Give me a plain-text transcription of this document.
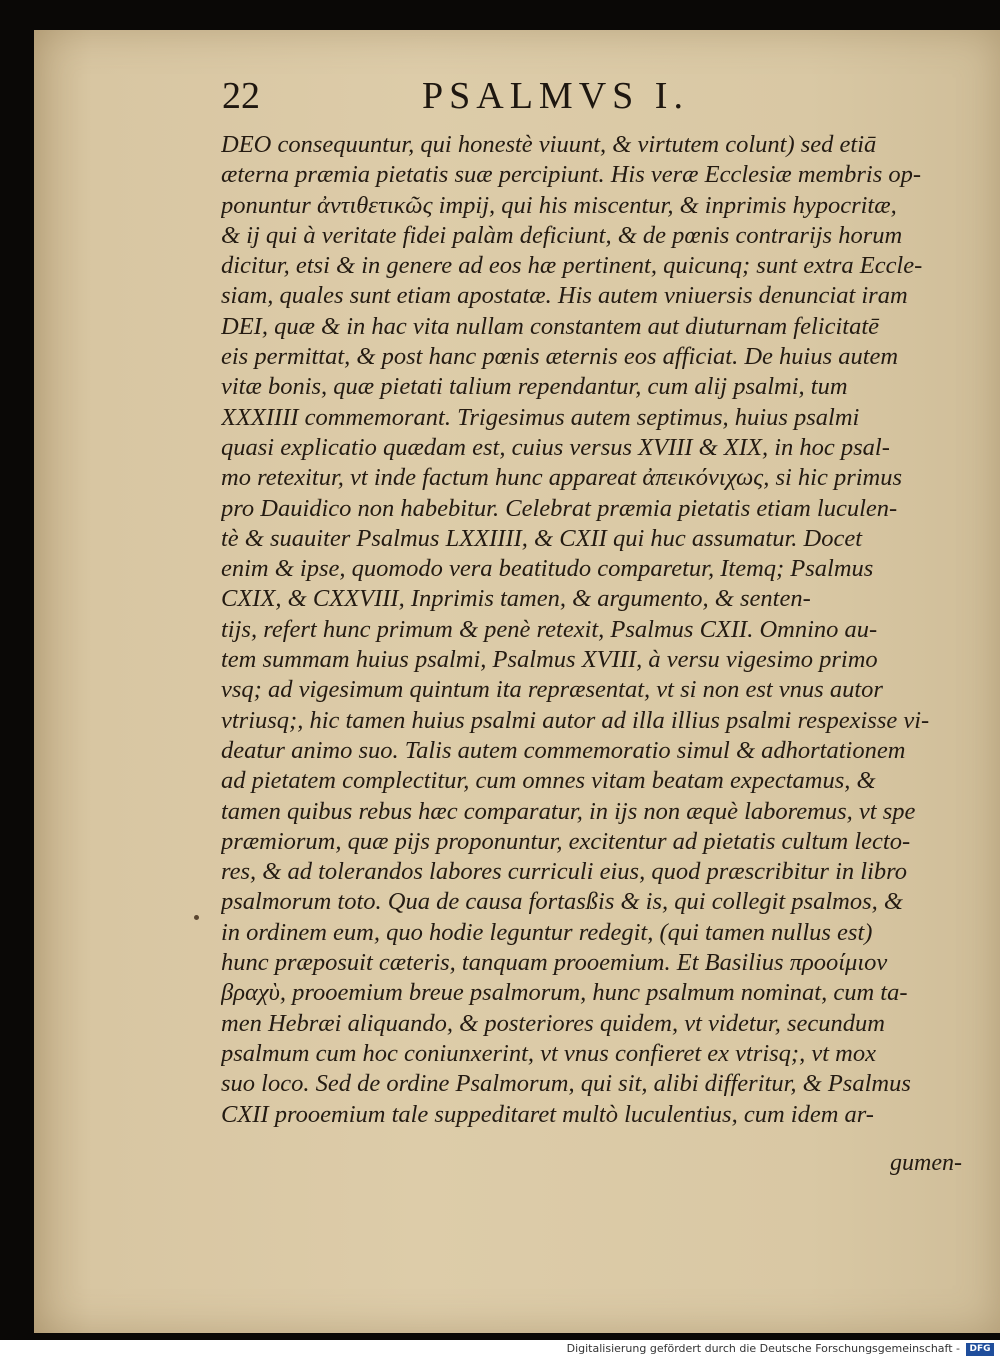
22	PSALMVS I.
DEO consequuntur, qui honestè viuunt, & virtutem colunt) sed etiā
æterna præmia pietatis suæ percipiunt. His veræ Ecclesiæ membris op-
ponuntur ἀντιθετικῶς impij, qui his miscentur, & inprimis hypocritæ,
& ij qui à veritate fidei palàm deficiunt, & de pœnis contrarijs horum
dicitur, etsi & in genere ad eos hæ pertinent, quicunq; sunt extra Eccle-
siam, quales sunt etiam apostatæ. His autem vniuersis denunciat iram
DEI, quæ & in hac vita nullam constantem aut diuturnam felicitatē
eis permittat, & post hanc pœnis æternis eos afficiat. De huius autem
vitæ bonis, quæ pietati talium rependantur, cum alij psalmi, tum
XXXIIII commemorant. Trigesimus autem septimus, huius psalmi
quasi explicatio quædam est, cuius versus XVIII & XIX, in hoc psal-
mo retexitur, vt inde factum hunc appareat ἀπεικόνιχως, si hic primus
pro Dauidico non habebitur. Celebrat præmia pietatis etiam luculen-
tè & suauiter Psalmus LXXIIII, & CXII qui huc assumatur. Docet
enim & ipse, quomodo vera beatitudo comparetur, Itemq; Psalmus
CXIX, & CXXVIII, Inprimis tamen, & argumento, & senten-
tijs, refert hunc primum & penè retexit, Psalmus CXII. Omnino au-
tem summam huius psalmi, Psalmus XVIII, à versu vigesimo primo
vsq; ad vigesimum quintum ita repræsentat, vt si non est vnus autor
vtriusq;, hic tamen huius psalmi autor ad illa illius psalmi respexisse vi-
deatur animo suo. Talis autem commemoratio simul & adhortationem
ad pietatem complectitur, cum omnes vitam beatam expectamus, &
tamen quibus rebus hæc comparatur, in ijs non æquè laboremus, vt spe
præmiorum, quæ pijs proponuntur, excitentur ad pietatis cultum lecto-
res, & ad tolerandos labores curriculi eius, quod præscribitur in libro
psalmorum toto. Qua de causa fortasßis & is, qui collegit psalmos, &
in ordinem eum, quo hodie leguntur redegit, (qui tamen nullus est)
hunc præposuit cæteris, tanquam prooemium. Et Basilius προοίμιον
βραχὺ, prooemium breue psalmorum, hunc psalmum nominat, cum ta-
men Hebræi aliquando, & posteriores quidem, vt videtur, secundum
psalmum cum hoc coniunxerint, vt vnus confieret ex vtrisq;, vt mox
suo loco. Sed de ordine Psalmorum, qui sit, alibi differitur, & Psalmus
CXII prooemium tale suppeditaret multò luculentius, cum idem ar-
gumen-
Digitalisierung gefördert durch die Deutsche Forschungsgemeinschaft -	DFG
